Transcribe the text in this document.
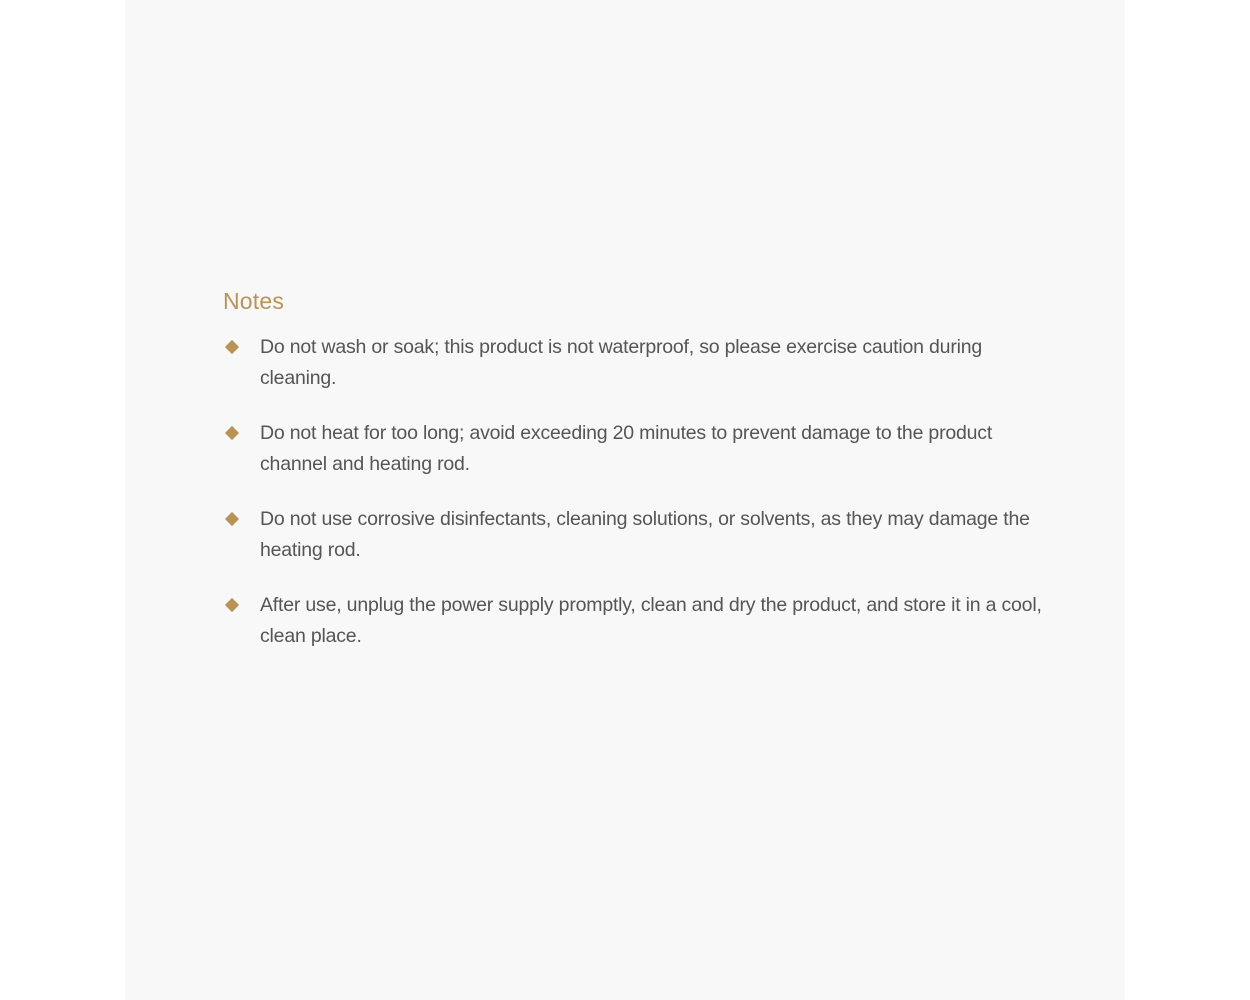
Notes
Do not wash or soak; this product is not waterproof, so please exercise caution during cleaning.
Do not heat for too long; avoid exceeding 20 minutes to prevent damage to the product channel and heating rod.
Do not use corrosive disinfectants, cleaning solutions, or solvents, as they may damage the heating rod.
After use, unplug the power supply promptly, clean and dry the product, and store it in a cool, clean place.
